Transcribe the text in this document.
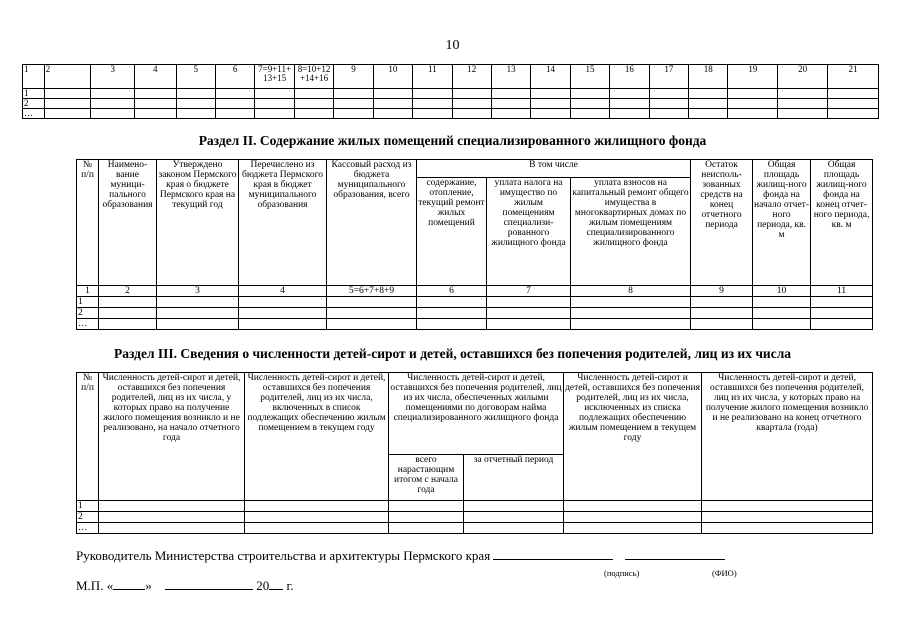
10
1	2	3	4	5	6	7=9+11+13+15	8=10+12+14+16	9	10	11	12	13	14	15	16	17	18	19	20	21
1																				
2																				
…																				
Раздел II. Содержание жилых помещений специализированного жилищного фонда
№ п/п	Наимено-вание муници-пального образования	Утверждено законом Пермского края о бюджете Пермского края на текущий год	Перечислено из бюджета Пермского края в бюджет муниципального образования	Кассовый расход из бюджета муниципального образования, всего	В том числе			Остаток неисполь-зованных средств на конец отчетного периода	Общая площадь жилищ-ного фонда на начало отчет-ного периода, кв. м	Общая площадь жилищ-ного фонда на конец отчет-ного периода, кв. м
					содержание, отопление, текущий ремонт жилых помещений	уплата налога на имущество по жилым помещениям специализи-рованного жилищного фонда	уплата взносов на капитальный ремонт общего имущества в многоквартирных домах по жилым помещениям специализированного жилищного фонда			
1	2	3	4	5=6+7+8+9	6	7	8	9	10	11
1										
2										
…										
Раздел III. Сведения о численности детей-сирот и детей, оставшихся без попечения родителей, лиц из их числа
№ п/п	Численность детей-сирот и детей, оставшихся без попечения родителей, лиц из их числа, у которых право на получение жилого помещения возникло и не реализовано, на начало отчетного года	Численность детей-сирот и детей, оставшихся без попечения родителей, лиц из их числа, включенных в список подлежащих обеспечению жилым помещением в текущем году	Численность детей-сирот и детей, оставшихся без попечения родителей, лиц из их числа, обеспеченных жилыми помещениями по договорам найма специализированного жилищного фонда		Численность детей-сирот и детей, оставшихся без попечения родителей, лиц из их числа, исключенных из списка подлежащих обеспечению жилым помещением в текущем году	Численность детей-сирот и детей, оставшихся без попечения родителей, лиц из их числа, у которых право на получение жилого помещения возникло и не реализовано на конец отчетного квартала (года)
			всего нарастающим итогом с начала года	за отчетный период		
1						
2						
…						
Руководитель Министерства строительства и архитектуры Пермского края
(подпись)	(ФИО)
М.П. « »	20 г.
